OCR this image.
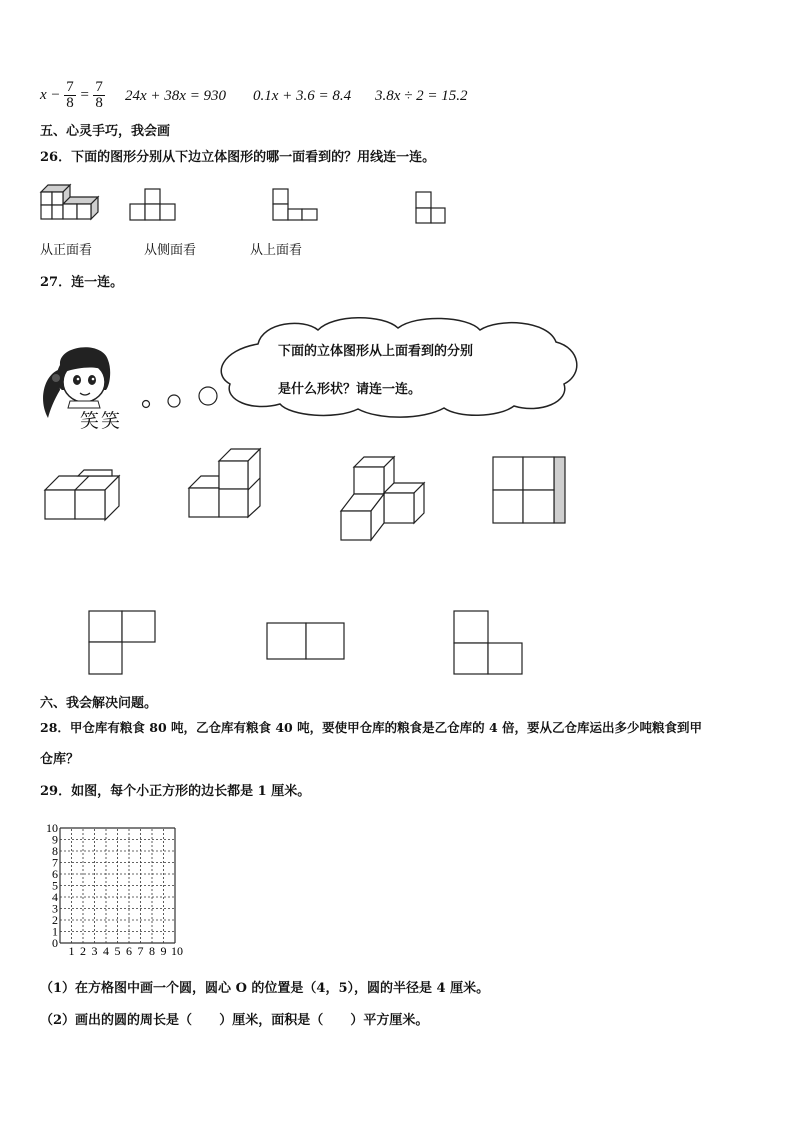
$x - \frac{7}{8} = \frac{7}{8} 24x + 38x = 930$ 0.1x + 3.6 = 8.4 3.8x ÷ 2 = 15.2
五、心灵手巧，我会画
26．下面的图形分别从下边立体图形的哪一面看到的？用线连一连。
从正面看	从侧面看	从上面看
27．连一连。
笑笑
下面的立体图形从上面看到的分别
是什么形状？请连一连。
六、我会解决问题。
28．甲仓库有粮食 80 吨，乙仓库有粮食 40 吨，要使甲仓库的粮食是乙仓库的 4 倍，要从乙仓库运出多少吨粮食到甲
仓库？
29．如图，每个小正方形的边长都是 1 厘米。
0
1
2
3
4
5
6
7
8
9
10
1 2 3 4 5 6 7 8 9 10
（1）在方格图中画一个圆，圆心 O 的位置是（4，5），圆的半径是 4 厘米。
（2）画出的圆的周长是（      ）厘米，面积是（      ）平方厘米。
